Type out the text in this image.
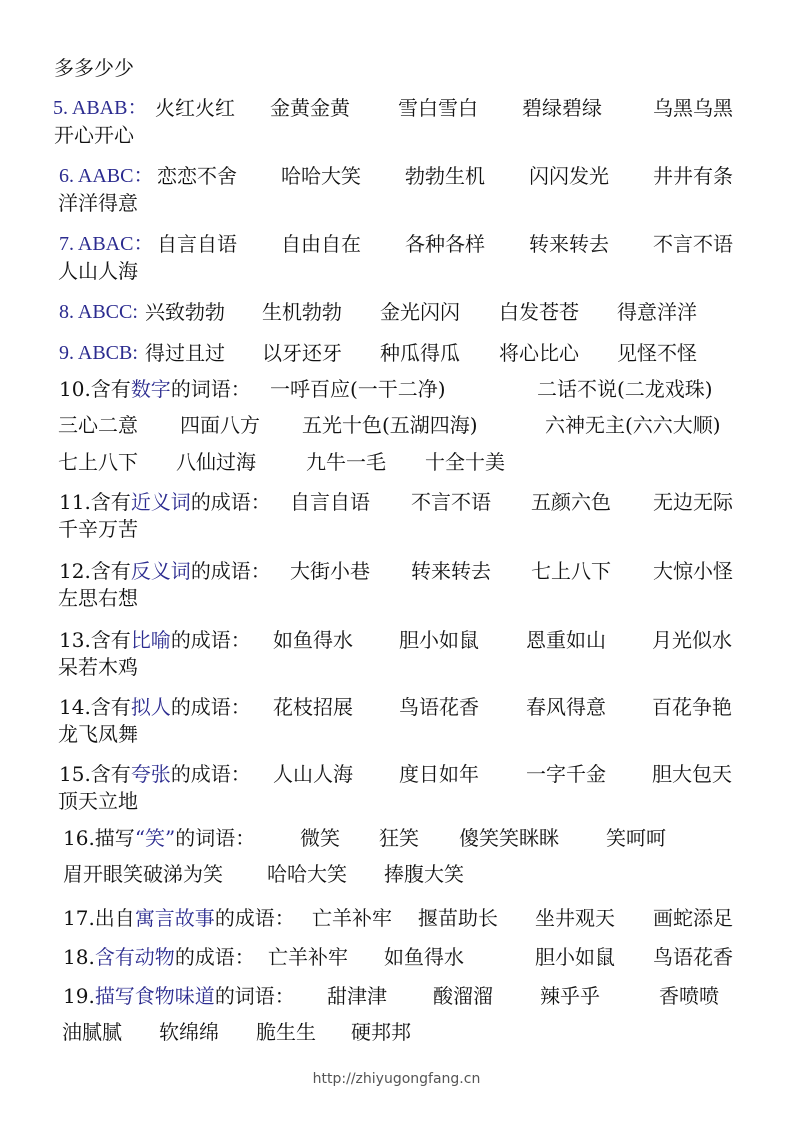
多多少少
5. ABAB： 火红火红 金黄金黄 雪白雪白 碧绿碧绿	乌黑乌黑
开心开心
6. AABC： 恋恋不舍 哈哈大笑 勃勃生机 闪闪发光 井井有条
洋洋得意
7. ABAC： 自言自语 自由自在 各种各样 转来转去 不言不语
人山人海
8. ABCC: 兴致勃勃 生机勃勃 金光闪闪 白发苍苍 得意洋洋
9. ABCB: 得过且过 以牙还牙 种瓜得瓜 将心比心 见怪不怪
10.含有数字的词语： 一呼百应(一干二净)	二话不说(二龙戏珠)
三心二意 四面八方 五光十色(五湖四海)	六神无主(六六大顺)
七上八下 八仙过海	九牛一毛 十全十美
11.含有近义词的成语： 自言自语 不言不语 五颜六色 无边无际
千辛万苦
12.含有反义词的成语： 大街小巷 转来转去 七上八下 大惊小怪
左思右想
13.含有比喻的成语： 如鱼得水 胆小如鼠 恩重如山 月光似水
呆若木鸡
14.含有拟人的成语： 花枝招展 鸟语花香 春风得意 百花争艳
龙飞凤舞
15.含有夸张的成语： 人山人海 度日如年 一字千金 胆大包天
顶天立地
16.描写“笑”的词语： 微笑 狂笑 傻笑笑眯眯 笑呵呵
眉开眼笑破涕为笑 哈哈大笑 捧腹大笑
17.出自寓言故事的成语： 亡羊补牢 揠苗助长 坐井观天 画蛇添足
18.含有动物的成语： 亡羊补牢 如鱼得水	胆小如鼠 鸟语花香
19.描写食物味道的词语： 甜津津 酸溜溜 辣乎乎	香喷喷
油腻腻 软绵绵 脆生生 硬邦邦
http://zhiyugongfang.cn
